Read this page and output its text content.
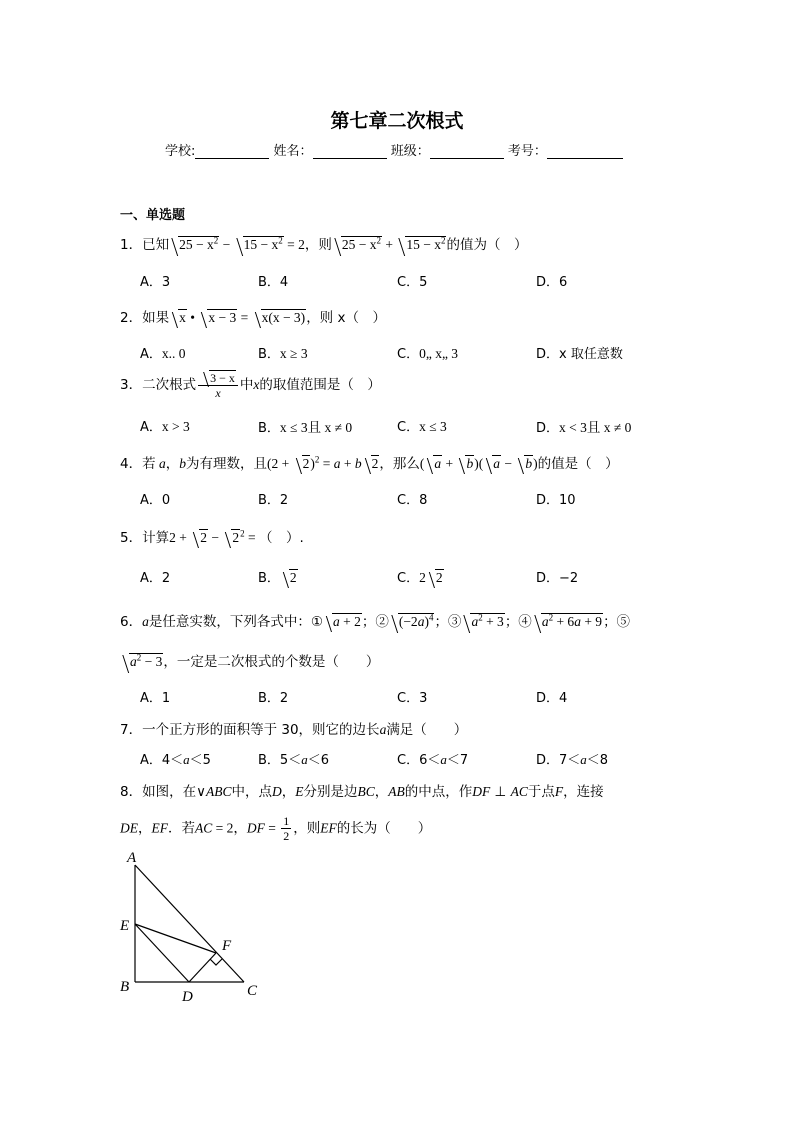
第七章二次根式
学校:	姓名：	班级：	考号：
一、单选题
1．已知 $25 - x^2 - 15 - x^2 = 2$，则 $25 - x^2 + 15 - x^2$的值为（　）
A．3	B．4	C．5	D．6
2．如果 x • x − 3 = x(x − 3)，则 x（　）
A．x.. 0	B．x ≥ 3	C．0„ x„ 3	D．x 取任意数
3．二次根式 $\frac{3 - x}{x}$ 中x的取值范围是（　）
A．x > 3	B．x ≤ 3且 x ≠ 0	C．x ≤ 3	D．x < 3且 x ≠ 0
4．若 a，b为有理数，且$(2 + 2)^2 = a + b$ 2，那么( a + b)( a − b)的值是（　）
A．0	B．2	C．8	D．10
5．计算$2 + 2 - 2^2$ = （　）.
A．2	B． 2	C．2 2	D．−2
6．a是任意实数，下列各式中：① a + 2；② $(-2a)^4$；③ $a^2 + 3$；④ $a^2 + 6a + 9$；⑤
$a^2 - 3$，一定是二次根式的个数是（　　）
A．1	B．2	C．3	D．4
7．一个正方形的面积等于 30，则它的边长a满足（　　）
A．4＜a＜5	B．5＜a＜6	C．6＜a＜7	D．7＜a＜8
8．如图，在∨ABC中，点D，E分别是边BC，AB的中点，作DF ⊥ AC于点F，连接
DE，EF．若AC = 2，DF = $\frac{1}{2}$ ，则EF的长为（　　）
A
E
F
B
D	C
